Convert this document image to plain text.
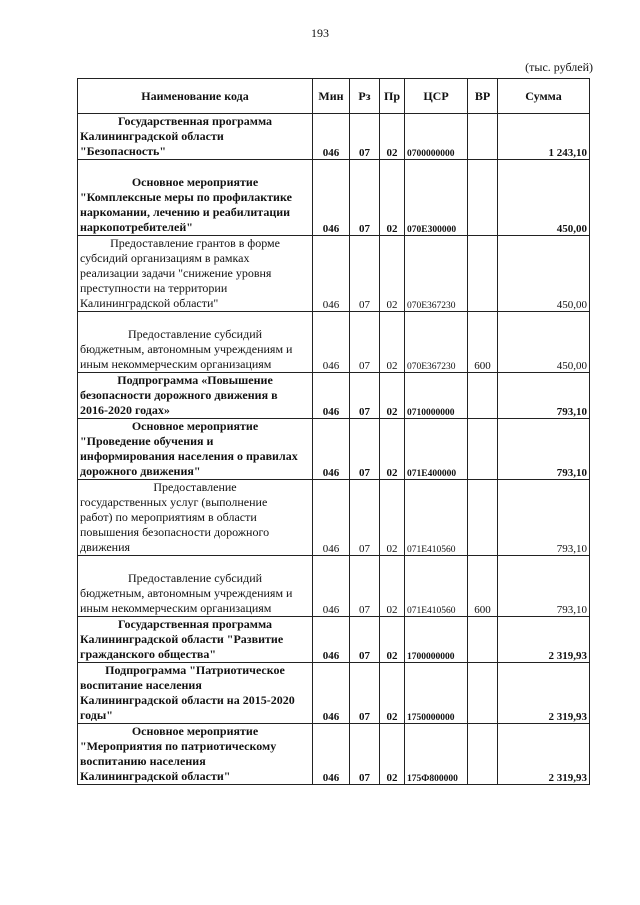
193
(тыс. рублей)
Наименование кода	Мин	Рз	Пр	ЦСР	ВР	Сумма

Государственная программа
Калининградской области
"Безопасность"	046	07	02	0700000000		1 243,10

Основное мероприятие
"Комплексные меры по профилактике
наркомании, лечению и реабилитации
наркопотребителей"	046	07	02	070Е300000		450,00

Предоставление грантов в форме
субсидий организациям в рамках
реализации задачи "снижение уровня
преступности на территории
Калининградской области"	046	07	02	070Е367230		450,00

Предоставление субсидий
бюджетным, автономным учреждениям и
иным некоммерческим организациям	046	07	02	070Е367230	600	450,00

Подпрограмма «Повышение
безопасности дорожного движения в
2016-2020 годах»	046	07	02	0710000000		793,10

Основное мероприятие
"Проведение обучения и
информирования населения о правилах
дорожного движения"	046	07	02	071Е400000		793,10

Предоставление
государственных услуг (выполнение
работ) по мероприятиям в области
повышения безопасности дорожного
движения	046	07	02	071Е410560		793,10

Предоставление субсидий
бюджетным, автономным учреждениям и
иным некоммерческим организациям	046	07	02	071Е410560	600	793,10

Государственная программа
Калининградской области "Развитие
гражданского общества"	046	07	02	1700000000		2 319,93

Подпрограмма "Патриотическое
воспитание населения
Калининградской области на 2015-2020
годы"	046	07	02	1750000000		2 319,93

Основное мероприятие
"Мероприятия по патриотическому
воспитанию населения
Калининградской области"	046	07	02	175Ф800000		2 319,93
